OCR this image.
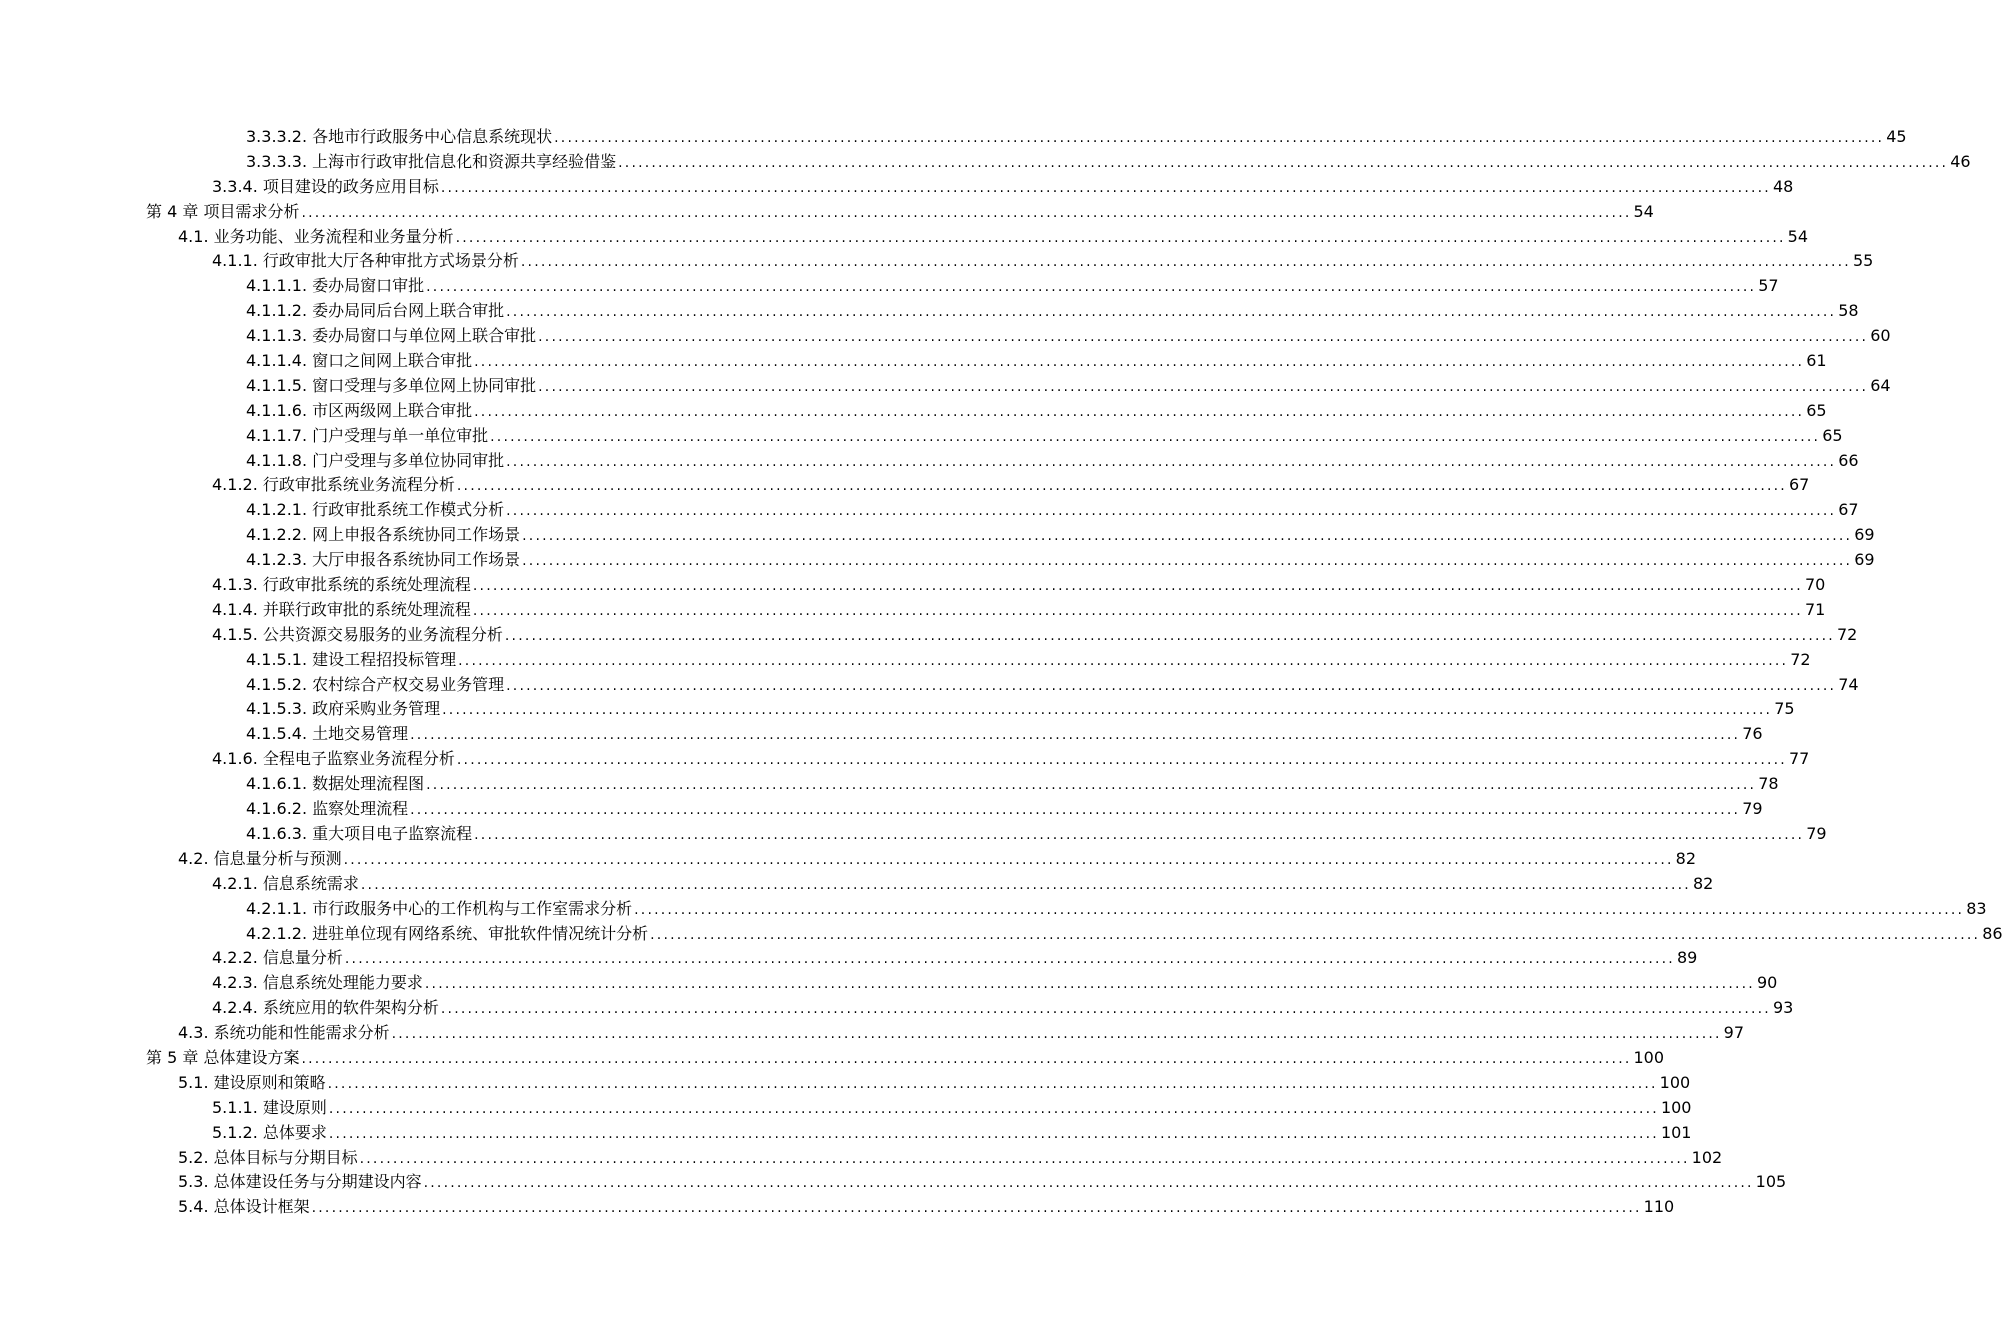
3.3.3.2. 各地市行政服务中心信息系统现状 ........................................................................................................................................................................................................ 45
3.3.3.3. 上海市行政审批信息化和资源共享经验借鉴 ........................................................................................................................................................................................................ 46
3.3.4. 项目建设的政务应用目标 ........................................................................................................................................................................................................ 48
第 4 章 项目需求分析 ........................................................................................................................................................................................................ 54
4.1. 业务功能、业务流程和业务量分析 ........................................................................................................................................................................................................ 54
4.1.1. 行政审批大厅各种审批方式场景分析 ........................................................................................................................................................................................................ 55
4.1.1.1. 委办局窗口审批 ........................................................................................................................................................................................................ 57
4.1.1.2. 委办局同后台网上联合审批 ........................................................................................................................................................................................................ 58
4.1.1.3. 委办局窗口与单位网上联合审批 ........................................................................................................................................................................................................ 60
4.1.1.4. 窗口之间网上联合审批 ........................................................................................................................................................................................................ 61
4.1.1.5. 窗口受理与多单位网上协同审批 ........................................................................................................................................................................................................ 64
4.1.1.6. 市区两级网上联合审批 ........................................................................................................................................................................................................ 65
4.1.1.7. 门户受理与单一单位审批 ........................................................................................................................................................................................................ 65
4.1.1.8. 门户受理与多单位协同审批 ........................................................................................................................................................................................................ 66
4.1.2. 行政审批系统业务流程分析 ........................................................................................................................................................................................................ 67
4.1.2.1. 行政审批系统工作模式分析 ........................................................................................................................................................................................................ 67
4.1.2.2. 网上申报各系统协同工作场景 ........................................................................................................................................................................................................ 69
4.1.2.3. 大厅申报各系统协同工作场景 ........................................................................................................................................................................................................ 69
4.1.3. 行政审批系统的系统处理流程 ........................................................................................................................................................................................................ 70
4.1.4. 并联行政审批的系统处理流程 ........................................................................................................................................................................................................ 71
4.1.5. 公共资源交易服务的业务流程分析 ........................................................................................................................................................................................................ 72
4.1.5.1. 建设工程招投标管理 ........................................................................................................................................................................................................ 72
4.1.5.2. 农村综合产权交易业务管理 ........................................................................................................................................................................................................ 74
4.1.5.3. 政府采购业务管理 ........................................................................................................................................................................................................ 75
4.1.5.4. 土地交易管理 ........................................................................................................................................................................................................ 76
4.1.6. 全程电子监察业务流程分析 ........................................................................................................................................................................................................ 77
4.1.6.1. 数据处理流程图 ........................................................................................................................................................................................................ 78
4.1.6.2. 监察处理流程 ........................................................................................................................................................................................................ 79
4.1.6.3. 重大项目电子监察流程 ........................................................................................................................................................................................................ 79
4.2. 信息量分析与预测 ........................................................................................................................................................................................................ 82
4.2.1. 信息系统需求 ........................................................................................................................................................................................................ 82
4.2.1.1. 市行政服务中心的工作机构与工作室需求分析 ........................................................................................................................................................................................................ 83
4.2.1.2. 进驻单位现有网络系统、审批软件情况统计分析 ........................................................................................................................................................................................................ 86
4.2.2. 信息量分析 ........................................................................................................................................................................................................ 89
4.2.3. 信息系统处理能力要求 ........................................................................................................................................................................................................ 90
4.2.4. 系统应用的软件架构分析 ........................................................................................................................................................................................................ 93
4.3. 系统功能和性能需求分析 ........................................................................................................................................................................................................ 97
第 5 章 总体建设方案 ........................................................................................................................................................................................................ 100
5.1. 建设原则和策略 ........................................................................................................................................................................................................ 100
5.1.1. 建设原则 ........................................................................................................................................................................................................ 100
5.1.2. 总体要求 ........................................................................................................................................................................................................ 101
5.2. 总体目标与分期目标 ........................................................................................................................................................................................................ 102
5.3. 总体建设任务与分期建设内容 ........................................................................................................................................................................................................ 105
5.4. 总体设计框架 ........................................................................................................................................................................................................ 110
